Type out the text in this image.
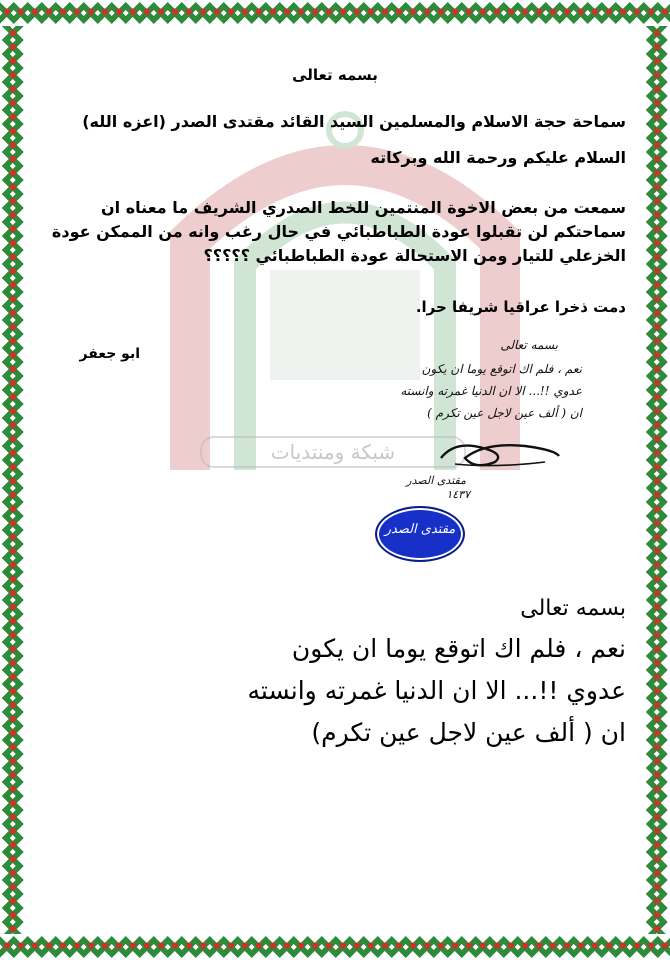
شبكة ومنتديات
بسمه تعالى
سماحة حجة الاسلام والمسلمين السيد القائد مقتدى الصدر (اعزه الله)
السلام عليكم ورحمة الله وبركاته
سمعت من بعض الاخوة المنتمين للخط الصدري الشريف ما معناه ان سماحتكم لن تقبلوا عودة الطباطبائي في حال رغب وانه من الممكن عودة الخزعلي للتيار ومن الاستحالة عودة الطباطبائي ؟؟؟؟؟
دمت ذخرا عراقيا شريفا حرا.
ابو جعفر
بسمه تعالى
نعم ، فلم اك اتوقع يوما ان يكون
عدوي !!... الا ان الدنيا غمرته وانسته
ان ( ألف عين لاجل عين تكرم )
مقتدى الصدر
١٤٣٧
مقتدى الصدر
بسمه تعالى
نعم ، فلم اك اتوقع يوما ان يكون
عدوي !!... الا ان الدنيا غمرته وانسته
ان ( ألف عين لاجل عين تكرم)
